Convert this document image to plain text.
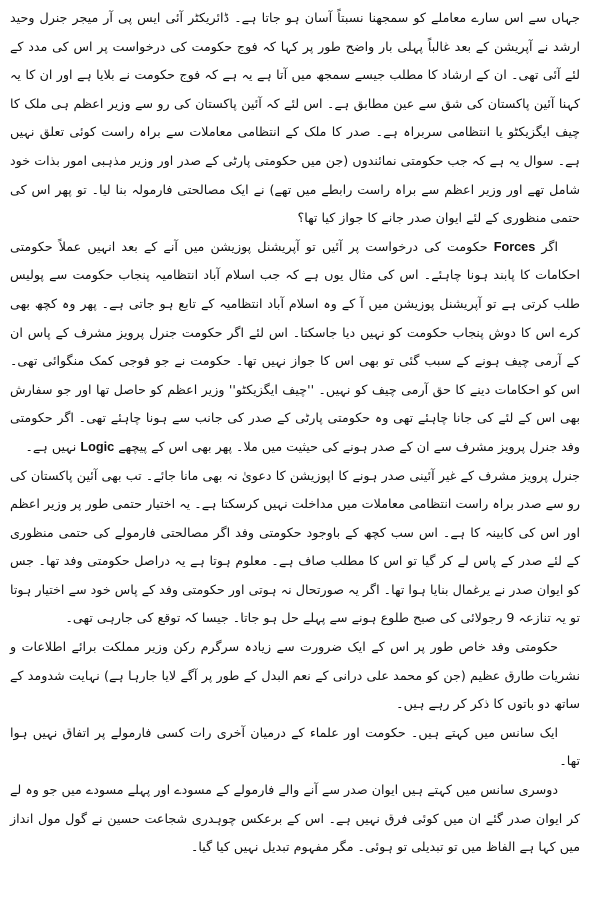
جہاں سے اس سارے معاملے کو سمجھنا نسبتاً آسان ہو جاتا ہے۔ ڈائریکٹر آئی ایس پی آر میجر جنرل وحید ارشد نے آپریشن کے بعد غالباً پہلی بار واضح طور پر کہا کہ فوج حکومت کی درخواست پر اس کی مدد کے لئے آئی تھی۔ ان کے ارشاد کا مطلب جیسے سمجھ میں آتا ہے یہ ہے کہ فوج حکومت نے بلایا ہے اور ان کا یہ کہنا آئین پاکستان کی شق سے عین مطابق ہے۔ اس لئے کہ آئین پاکستان کی رو سے وزیر اعظم ہی ملک کا چیف ایگزیکٹو یا انتظامی سربراہ ہے۔ صدر کا ملک کے انتظامی معاملات سے براہ راست کوئی تعلق نہیں ہے۔ سوال یہ ہے کہ جب حکومتی نمائندوں (جن میں حکومتی پارٹی کے صدر اور وزیر مذہبی امور بذات خود شامل تھے اور وزیر اعظم سے براہ راست رابطے میں تھے) نے ایک مصالحتی فارمولہ بنا لیا۔ تو پھر اس کی حتمی منظوری کے لئے ایوان صدر جانے کا جواز کیا تھا؟

اگر Forces حکومت کی درخواست پر آئیں تو آپریشنل پوزیشن میں آنے کے بعد انہیں عملاً حکومتی احکامات کا پابند ہونا چاہئے۔ اس کی مثال یوں ہے کہ جب اسلام آباد انتظامیہ پنجاب حکومت سے پولیس طلب کرتی ہے تو آپریشنل پوزیشن میں آ کے وہ اسلام آباد انتظامیہ کے تابع ہو جاتی ہے۔ پھر وہ کچھ بھی کرے اس کا دوش پنجاب حکومت کو نہیں دیا جاسکتا۔ اس لئے اگر حکومت جنرل پرویز مشرف کے پاس ان کے آرمی چیف ہونے کے سبب گئی تو بھی اس کا جواز نہیں تھا۔ حکومت نے جو فوجی کمک منگوائی تھی۔ اس کو احکامات دینے کا حق آرمی چیف کو نہیں۔ ''چیف ایگزیکٹو'' وزیر اعظم کو حاصل تھا اور جو سفارش بھی اس کے لئے کی جانا چاہئے تھی وہ حکومتی پارٹی کے صدر کی جانب سے ہونا چاہئے تھی۔ اگر حکومتی وفد جنرل پرویز مشرف سے ان کے صدر ہونے کی حیثیت میں ملا۔ پھر بھی اس کے پیچھے Logic نہیں ہے۔

جنرل پرویز مشرف کے غیر آئینی صدر ہونے کا اپوزیشن کا دعویٰ نہ بھی مانا جائے۔ تب بھی آئین پاکستان کی رو سے صدر براہ راست انتظامی معاملات میں مداخلت نہیں کرسکتا ہے۔ یہ اختیار حتمی طور پر وزیر اعظم اور اس کی کابینہ کا ہے۔ اس سب کچھ کے باوجود حکومتی وفد اگر مصالحتی فارمولے کی حتمی منظوری کے لئے صدر کے پاس لے کر گیا تو اس کا مطلب صاف ہے۔ معلوم ہوتا ہے یہ دراصل حکومتی وفد تھا۔ جس کو ایوان صدر نے یرغمال بنایا ہوا تھا۔ اگر یہ صورتحال نہ ہوتی اور حکومتی وفد کے پاس خود سے اختیار ہوتا تو یہ تنازعہ 9 رجولائی کی صبح طلوع ہونے سے پہلے حل ہو جاتا۔ جیسا کہ توقع کی جارہی تھی۔

حکومتی وفد خاص طور پر اس کے ایک ضرورت سے زیادہ سرگرم رکن وزیر مملکت برائے اطلاعات و نشریات طارق عظیم (جن کو محمد علی درانی کے نعم البدل کے طور پر آگے لایا جارہا ہے) نہایت شدومد کے ساتھ دو باتوں کا ذکر کر رہے ہیں۔

ایک سانس میں کہتے ہیں۔ حکومت اور علماء کے درمیان آخری رات کسی فارمولے پر اتفاق نہیں ہوا تھا۔

دوسری سانس میں کہتے ہیں ایوان صدر سے آنے والے فارمولے کے مسودے اور پہلے مسودے میں جو وہ لے کر ایوان صدر گئے ان میں کوئی فرق نہیں ہے۔ اس کے برعکس چوہدری شجاعت حسین نے گول مول انداز میں کہا ہے الفاظ میں تو تبدیلی تو ہوئی۔ مگر مفہوم تبدیل نہیں کیا گیا۔
